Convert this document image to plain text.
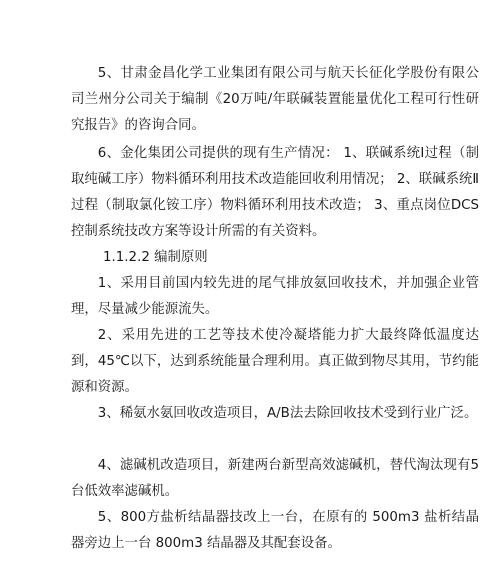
5、甘肃金昌化学工业集团有限公司与航天长征化学股份有限公司兰州分公司关于编制《20万吨/年联碱装置能量优化工程可行性研究报告》的咨询合同。
6、金化集团公司提供的现有生产情况： 1、联碱系统Ⅰ过程（制取纯碱工序）物料循环利用技术改造能回收利用情况； 2、联碱系统Ⅱ过程（制取氯化铵工序）物料循环利用技术改造； 3、重点岗位DCS控制系统技改方案等设计所需的有关资料。
1.1.2.2 编制原则
1、采用目前国内较先进的尾气排放氨回收技术，并加强企业管理，尽量减少能源流失。
2、采用先进的工艺等技术使冷凝塔能力扩大最终降低温度达到，45℃以下，达到系统能量合理利用。真正做到物尽其用，节约能源和资源。
3、稀氨水氨回收改造项目，A/B法去除回收技术受到行业广泛。
4、滤碱机改造项目，新建两台新型高效滤碱机，替代淘汰现有5台低效率滤碱机。
5、800方盐析结晶器技改上一台，在原有的 500m3 盐析结晶器旁边上一台 800m3 结晶器及其配套设备。
